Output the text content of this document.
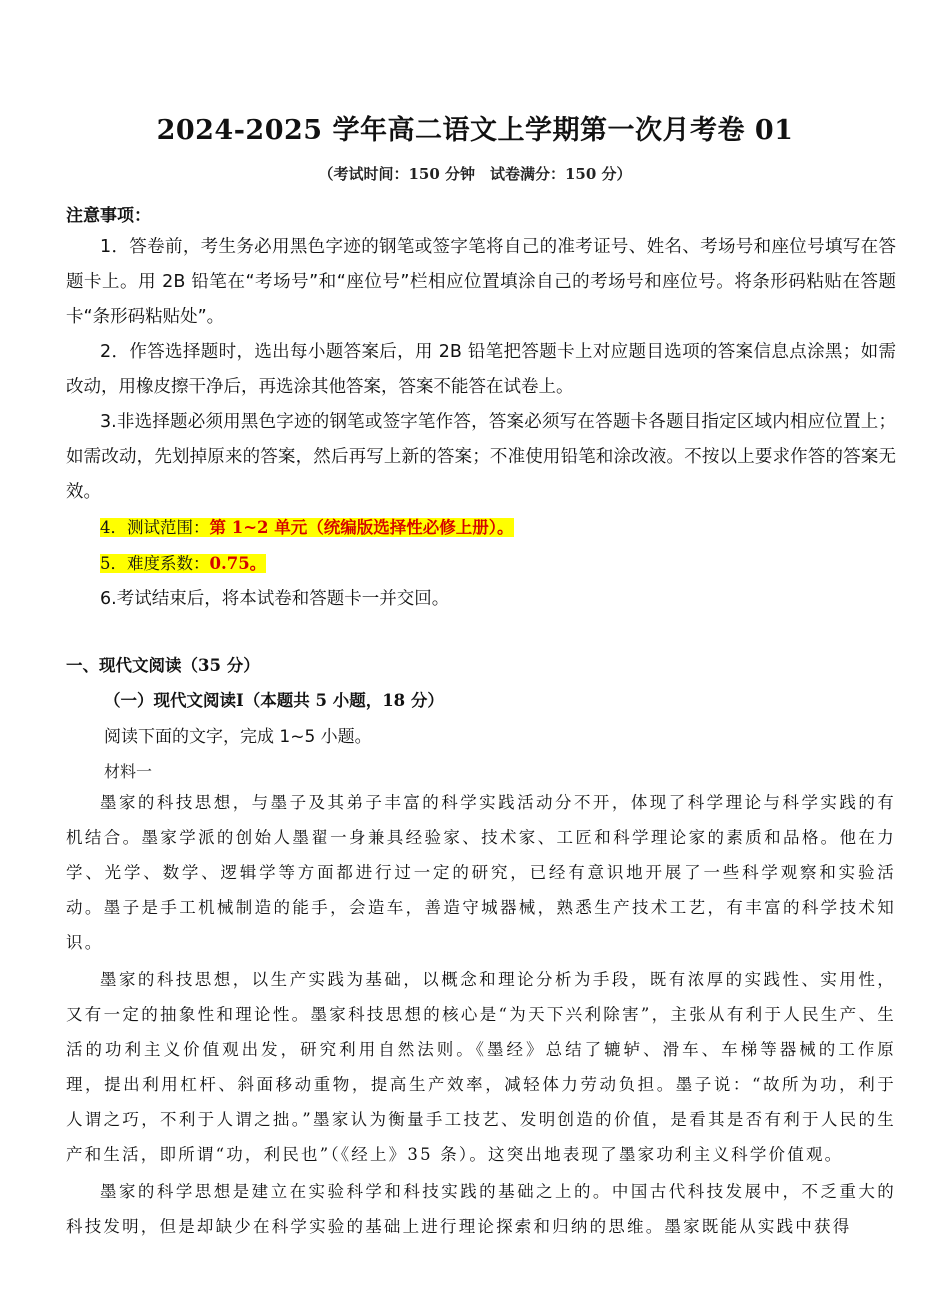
2024-2025 学年高二语文上学期第一次月考卷 01
（考试时间：150 分钟　试卷满分：150 分）
注意事项：

1．答卷前，考生务必用黑色字迹的钢笔或签字笔将自己的准考证号、姓名、考场号和座位号填写在答题卡上。用 2B 铅笔在“考场号”和“座位号”栏相应位置填涂自己的考场号和座位号。将条形码粘贴在答题卡“条形码粘贴处”。

2．作答选择题时，选出每小题答案后，用 2B 铅笔把答题卡上对应题目选项的答案信息点涂黑；如需改动，用橡皮擦干净后，再选涂其他答案，答案不能答在试卷上。

3.非选择题必须用黑色字迹的钢笔或签字笔作答，答案必须写在答题卡各题目指定区域内相应位置上；如需改动，先划掉原来的答案，然后再写上新的答案；不准使用铅笔和涂改液。不按以上要求作答的答案无效。

4．测试范围：第 1~2 单元（统编版选择性必修上册）。

5．难度系数：0.75。

6.考试结束后，将本试卷和答题卡一并交回。

一、现代文阅读（35 分）
（一）现代文阅读Ⅰ（本题共 5 小题，18 分）
阅读下面的文字，完成 1~5 小题。
材料一

墨家的科技思想，与墨子及其弟子丰富的科学实践活动分不开，体现了科学理论与科学实践的有机结合。墨家学派的创始人墨翟一身兼具经验家、技术家、工匠和科学理论家的素质和品格。他在力学、光学、数学、逻辑学等方面都进行过一定的研究，已经有意识地开展了一些科学观察和实验活动。墨子是手工机械制造的能手，会造车，善造守城器械，熟悉生产技术工艺，有丰富的科学技术知识。

墨家的科技思想，以生产实践为基础，以概念和理论分析为手段，既有浓厚的实践性、实用性，又有一定的抽象性和理论性。墨家科技思想的核心是“为天下兴利除害”，主张从有利于人民生产、生活的功利主义价值观出发，研究利用自然法则。《墨经》总结了辘轳、滑车、车梯等器械的工作原理，提出利用杠杆、斜面移动重物，提高生产效率，减轻体力劳动负担。墨子说：“故所为功，利于人谓之巧，不利于人谓之拙。”墨家认为衡量手工技艺、发明创造的价值，是看其是否有利于人民的生产和生活，即所谓“功，利民也”（《经上》35 条）。这突出地表现了墨家功利主义科学价值观。

墨家的科学思想是建立在实验科学和科技实践的基础之上的。中国古代科技发展中，不乏重大的科技发明，但是却缺少在科学实验的基础上进行理论探索和归纳的思维。墨家既能从实践中获得
